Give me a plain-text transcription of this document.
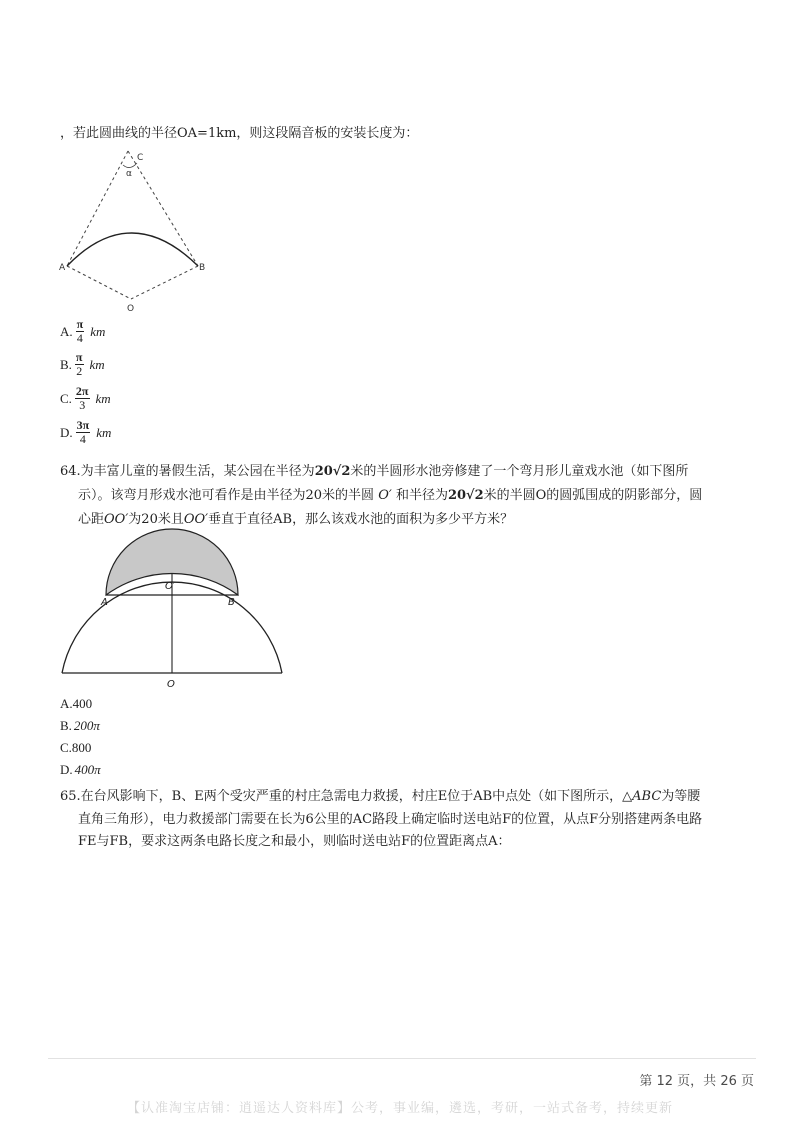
，若此圆曲线的半径OA=1km，则这段隔音板的安装长度为：
C
α
A	B
O
A. $\frac{\pi}{4}$ km
B. $\frac{\pi}{2}$ km
C. $\frac{2\pi}{3}$ km
D. $\frac{3\pi}{4}$ km
64.为丰富儿童的暑假生活，某公园在半径为20√2米的半圆形水池旁修建了一个弯月形儿童戏水池（如下图所
示）。该弯月形戏水池可看作是由半径为20米的半圆 O′ 和半径为20√2米的半圆O的圆弧围成的阴影部分，圆
心距OO′为20米且OO′垂直于直径AB，那么该戏水池的面积为多少平方米？
O′
A	B
O
A.400
B. 200π
C.800
D. 400π
65.在台风影响下，B、E两个受灾严重的村庄急需电力救援，村庄E位于AB中点处（如下图所示，△ABC为等腰
直角三角形），电力救援部门需要在长为6公里的AC路段上确定临时送电站F的位置，从点F分别搭建两条电路
FE与FB，要求这两条电路长度之和最小，则临时送电站F的位置距离点A：
第 12 页，共 26 页
【认准淘宝店铺：逍遥达人资料库】公考，事业编，遴选，考研，一站式备考，持续更新
